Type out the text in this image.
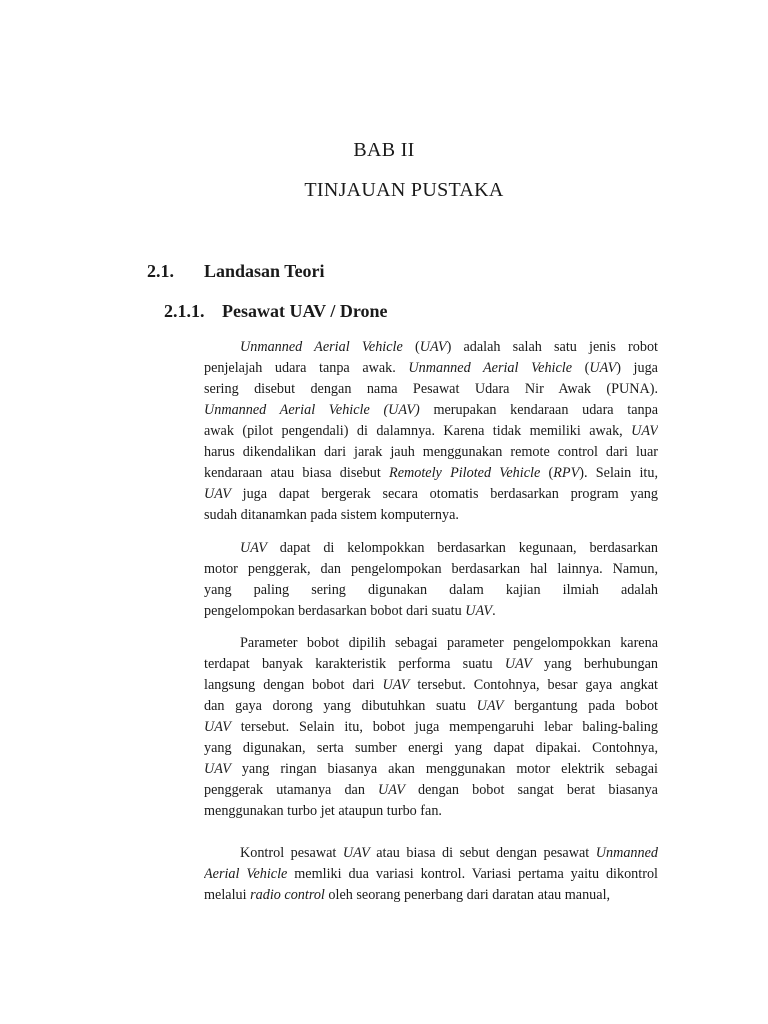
BAB II
TINJAUAN PUSTAKA
2.1. Landasan Teori
2.1.1. Pesawat UAV / Drone
Unmanned Aerial Vehicle (UAV) adalah salah satu jenis robot
penjelajah udara tanpa awak. Unmanned Aerial Vehicle (UAV) juga
sering disebut dengan nama Pesawat Udara Nir Awak (PUNA).
Unmanned Aerial Vehicle (UAV) merupakan kendaraan udara tanpa
awak (pilot pengendali) di dalamnya. Karena tidak memiliki awak, UAV
harus dikendalikan dari jarak jauh menggunakan remote control dari luar
kendaraan atau biasa disebut Remotely Piloted Vehicle (RPV). Selain itu,
UAV juga dapat bergerak secara otomatis berdasarkan program yang
sudah ditanamkan pada sistem komputernya.
UAV dapat di kelompokkan berdasarkan kegunaan, berdasarkan
motor penggerak, dan pengelompokan berdasarkan hal lainnya. Namun,
yang paling sering digunakan dalam kajian ilmiah adalah
pengelompokan berdasarkan bobot dari suatu UAV.
Parameter bobot dipilih sebagai parameter pengelompokkan karena
terdapat banyak karakteristik performa suatu UAV yang berhubungan
langsung dengan bobot dari UAV tersebut. Contohnya, besar gaya angkat
dan gaya dorong yang dibutuhkan suatu UAV bergantung pada bobot
UAV tersebut. Selain itu, bobot juga mempengaruhi lebar baling-baling
yang digunakan, serta sumber energi yang dapat dipakai. Contohnya,
UAV yang ringan biasanya akan menggunakan motor elektrik sebagai
penggerak utamanya dan UAV dengan bobot sangat berat biasanya
menggunakan turbo jet ataupun turbo fan.
Kontrol pesawat UAV atau biasa di sebut dengan pesawat Unmanned
Aerial Vehicle memliki dua variasi kontrol. Variasi pertama yaitu dikontrol
melalui radio control oleh seorang penerbang dari daratan atau manual,
